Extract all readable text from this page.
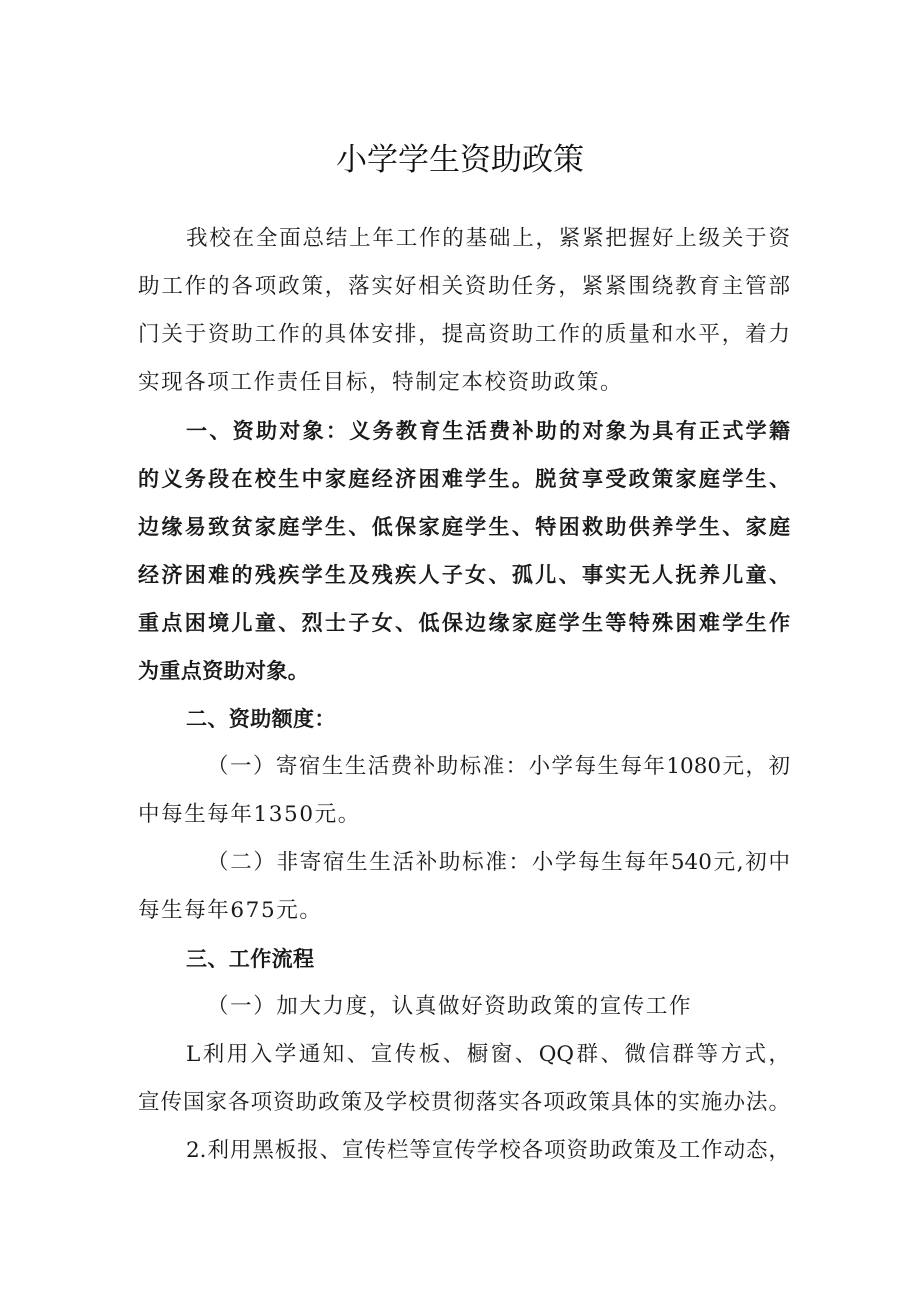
小学学生资助政策

我校在全面总结上年工作的基础上，紧紧把握好上级关于资

助工作的各项政策，落实好相关资助任务，紧紧围绕教育主管部

门关于资助工作的具体安排，提高资助工作的质量和水平，着力

实现各项工作责任目标，特制定本校资助政策。

一、资助对象：义务教育生活费补助的对象为具有正式学籍

的义务段在校生中家庭经济困难学生。脱贫享受政策家庭学生、

边缘易致贫家庭学生、低保家庭学生、特困救助供养学生、家庭

经济困难的残疾学生及残疾人子女、孤儿、事实无人抚养儿童、

重点困境儿童、烈士子女、低保边缘家庭学生等特殊困难学生作

为重点资助对象。

二、资助额度：

（一）寄宿生生活费补助标准：小学每生每年1080元，初

中每生每年1350元。

（二）非寄宿生生活补助标准：小学每生每年540元,初中

每生每年675元。

三、工作流程

（一）加大力度，认真做好资助政策的宣传工作

L利用入学通知、宣传板、橱窗、QQ群、微信群等方式，

宣传国家各项资助政策及学校贯彻落实各项政策具体的实施办法。

2.利用黑板报、宣传栏等宣传学校各项资助政策及工作动态，
